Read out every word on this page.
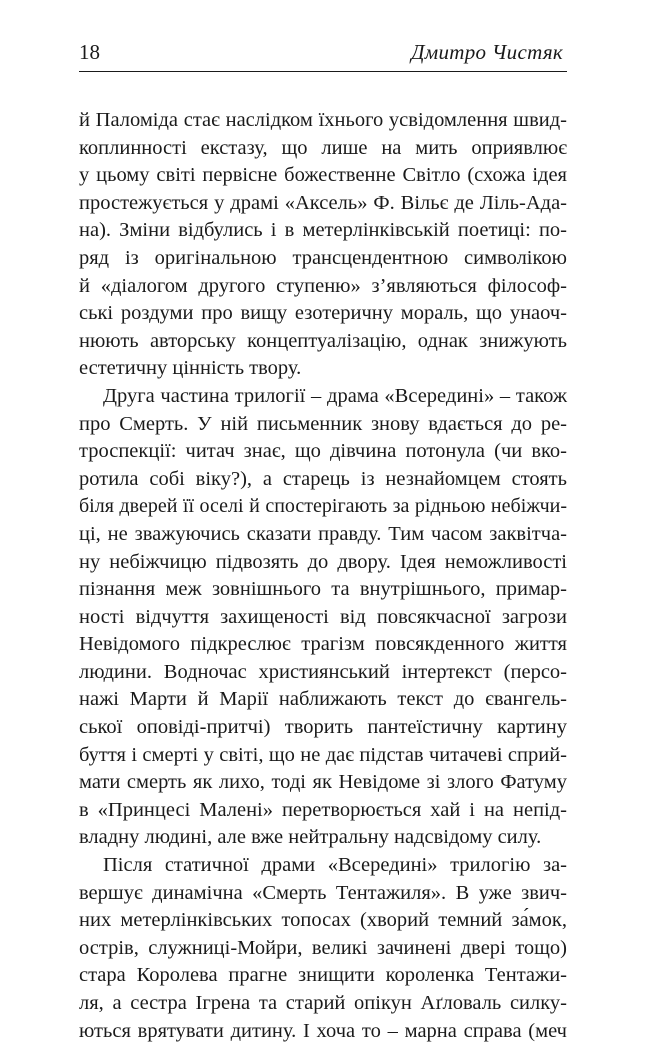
18	Дмитро Чистяк
й Паломіда стає наслідком їхнього усвідомлення швид-
коплинності екстазу, що лише на мить оприявлює
у цьому світі первісне божественне Світло (схожа ідея
простежується у драмі «Аксель» Ф. Вільє де Ліль-Ада-
на). Зміни відбулись і в метерлінківській поетиці: по-
ряд із оригінальною трансцендентною символікою
й «діалогом другого ступеню» з’являються філософ-
ські роздуми про вищу езотеричну мораль, що унаоч-
нюють авторську концептуалізацію, однак знижують
естетичну цінність твору.
Друга частина трилогії – драма «Всередині» – також
про Смерть. У ній письменник знову вдається до ре-
троспекції: читач знає, що дівчина потонула (чи вко-
ротила собі віку?), а старець із незнайомцем стоять
біля дверей її оселі й спостерігають за рідньою небіжчи-
ці, не зважуючись сказати правду. Тим часом заквітча-
ну небіжчицю підвозять до двору. Ідея неможливості
пізнання меж зовнішнього та внутрішнього, примар-
ності відчуття захищеності від повсякчасної загрози
Невідомого підкреслює трагізм повсякденного життя
людини. Водночас християнський інтертекст (персо-
нажі Марти й Марії наближають текст до євангель-
ської оповіді-притчі) творить пантеїстичну картину
буття і смерті у світі, що не дає підстав читачеві сприй-
мати смерть як лихо, тоді як Невідоме зі злого Фатуму
в «Принцесі Малені» перетворюється хай і на непід-
владну людині, але вже нейтральну надсвідому силу.
Після статичної драми «Всередині» трилогію за-
вершує динамічна «Смерть Тентажиля». В уже звич-
них метерлінківських топосах (хворий темний за́мок,
острів, служниці-Мойри, великі зачинені двері тощо)
стара Королева прагне знищити королeнка Тентажи-
ля, а сестра Ігрена та старий опікун Аґловаль силку-
ються врятувати дитину. І хоча то – марна справа (меч
